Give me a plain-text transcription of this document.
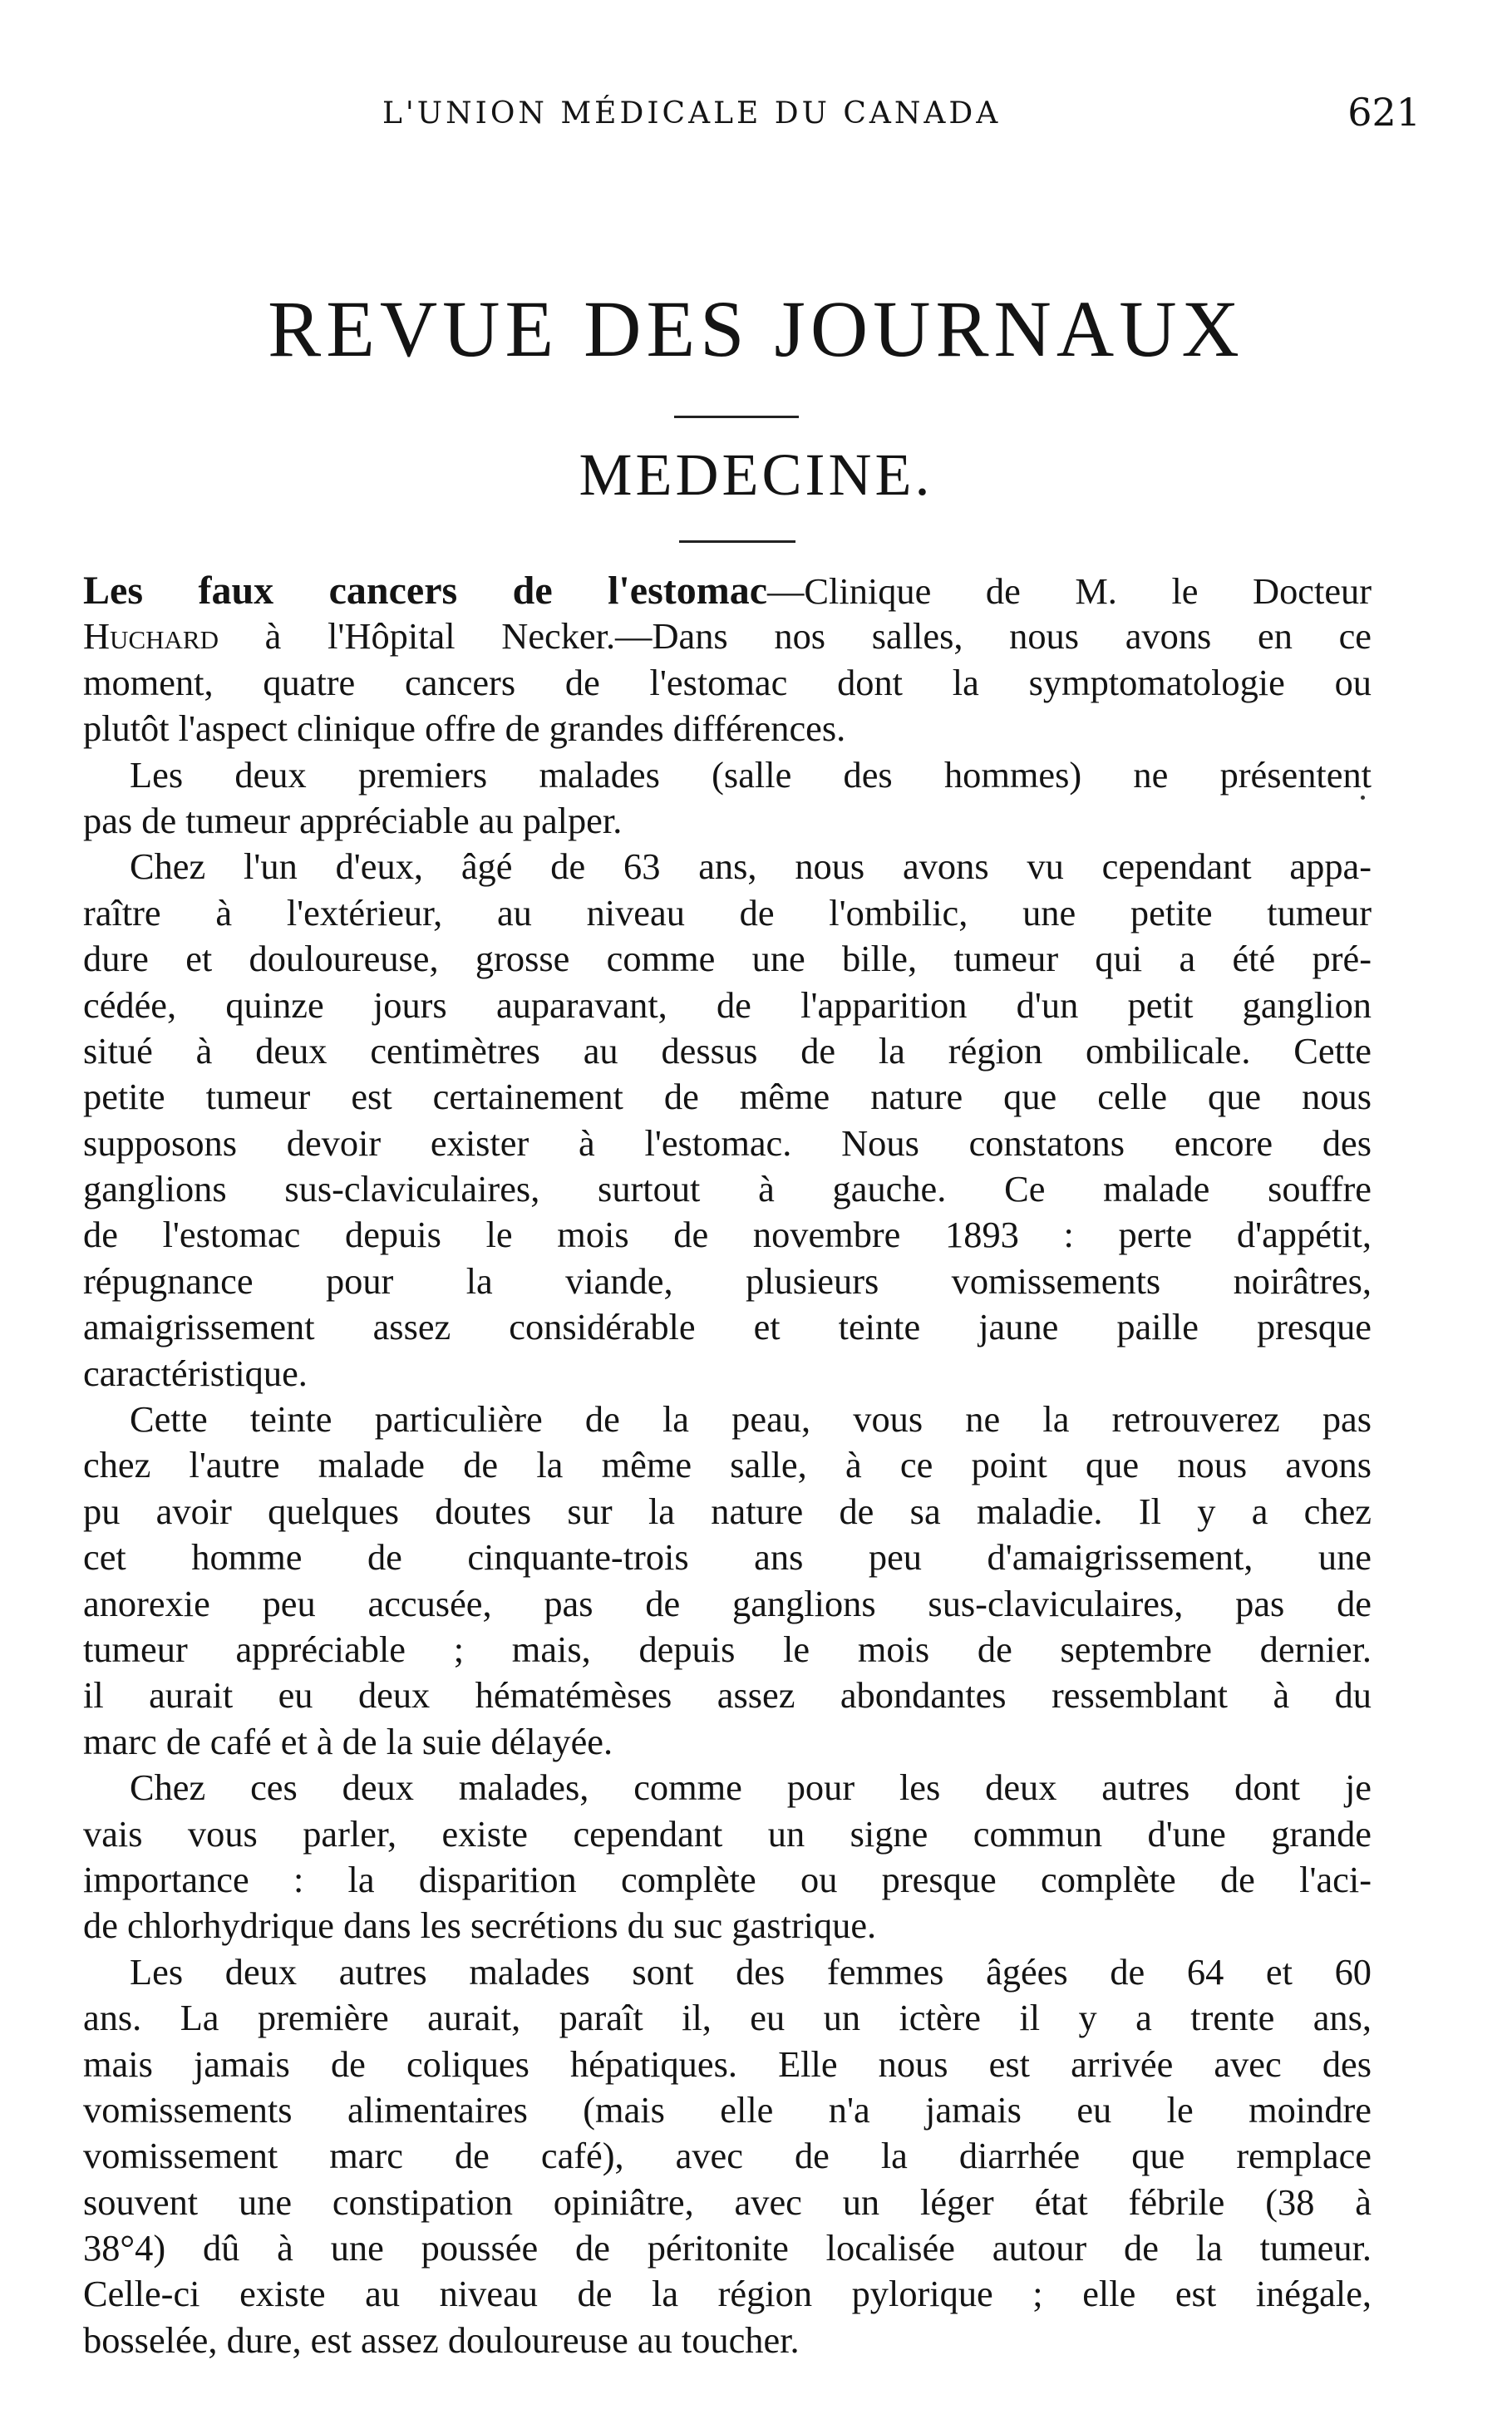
L'UNION MÉDICALE DU CANADA	621
REVUE DES JOURNAUX
MEDECINE.
Les faux cancers de l'estomac—Clinique de M. le Docteur
Huchard à l'Hôpital Necker.—Dans nos salles, nous avons en ce
moment, quatre cancers de l'estomac dont la symptomatologie ou
plutôt l'aspect clinique offre de grandes différences.
Les deux premiers malades (salle des hommes) ne présentent
pas de tumeur appréciable au palper.
Chez l'un d'eux, âgé de 63 ans, nous avons vu cependant appa-
raître à l'extérieur, au niveau de l'ombilic, une petite tumeur
dure et douloureuse, grosse comme une bille, tumeur qui a été pré-
cédée, quinze jours auparavant, de l'apparition d'un petit ganglion
situé à deux centimètres au dessus de la région ombilicale. Cette
petite tumeur est certainement de même nature que celle que nous
supposons devoir exister à l'estomac. Nous constatons encore des
ganglions sus-claviculaires, surtout à gauche. Ce malade souffre
de l'estomac depuis le mois de novembre 1893 : perte d'appétit,
répugnance pour la viande, plusieurs vomissements noirâtres,
amaigrissement assez considérable et teinte jaune paille presque
caractéristique.
Cette teinte particulière de la peau, vous ne la retrouverez pas
chez l'autre malade de la même salle, à ce point que nous avons
pu avoir quelques doutes sur la nature de sa maladie. Il y a chez
cet homme de cinquante-trois ans peu d'amaigrissement, une
anorexie peu accusée, pas de ganglions sus-claviculaires, pas de
tumeur appréciable ; mais, depuis le mois de septembre dernier.
il aurait eu deux hématémèses assez abondantes ressemblant à du
marc de café et à de la suie délayée.
Chez ces deux malades, comme pour les deux autres dont je
vais vous parler, existe cependant un signe commun d'une grande
importance : la disparition complète ou presque complète de l'aci-
de chlorhydrique dans les secrétions du suc gastrique.
Les deux autres malades sont des femmes âgées de 64 et 60
ans. La première aurait, paraît il, eu un ictère il y a trente ans,
mais jamais de coliques hépatiques. Elle nous est arrivée avec des
vomissements alimentaires (mais elle n'a jamais eu le moindre
vomissement marc de café), avec de la diarrhée que remplace
souvent une constipation opiniâtre, avec un léger état fébrile (38 à
38°4) dû à une poussée de péritonite localisée autour de la tumeur.
Celle-ci existe au niveau de la région pylorique ; elle est inégale,
bosselée, dure, est assez douloureuse au toucher.
